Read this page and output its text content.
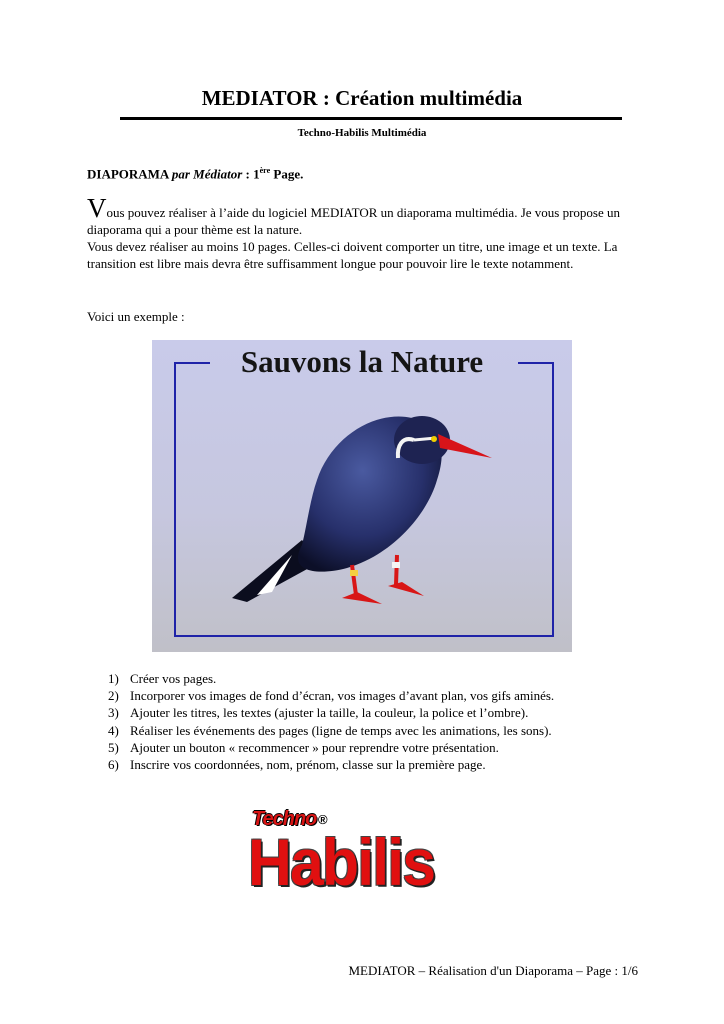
MEDIATOR : Création multimédia
Techno-Habilis Multimédia
DIAPORAMA par Médiator : 1ère Page.
Vous pouvez réaliser à l’aide du logiciel MEDIATOR un diaporama multimédia. Je vous propose un diaporama qui a pour thème est la nature.
Vous devez réaliser au moins 10 pages. Celles-ci doivent comporter un titre, une image et un texte. La transition est libre mais devra être suffisamment longue pour pouvoir lire le texte notamment.
Voici un exemple :
Sauvons la Nature
1) Créer vos pages.
2) Incorporer vos images de fond d’écran, vos images d’avant plan, vos gifs aminés.
3) Ajouter les titres, les textes (ajuster la taille, la couleur, la police et l’ombre).
4) Réaliser les événements des pages (ligne de temps avec les animations, les sons).
5) Ajouter un bouton « recommencer » pour reprendre votre présentation.
6) Inscrire vos coordonnées, nom, prénom, classe sur la première page.
Techno ®
Habilis
MEDIATOR – Réalisation d'un Diaporama – Page : 1/6
